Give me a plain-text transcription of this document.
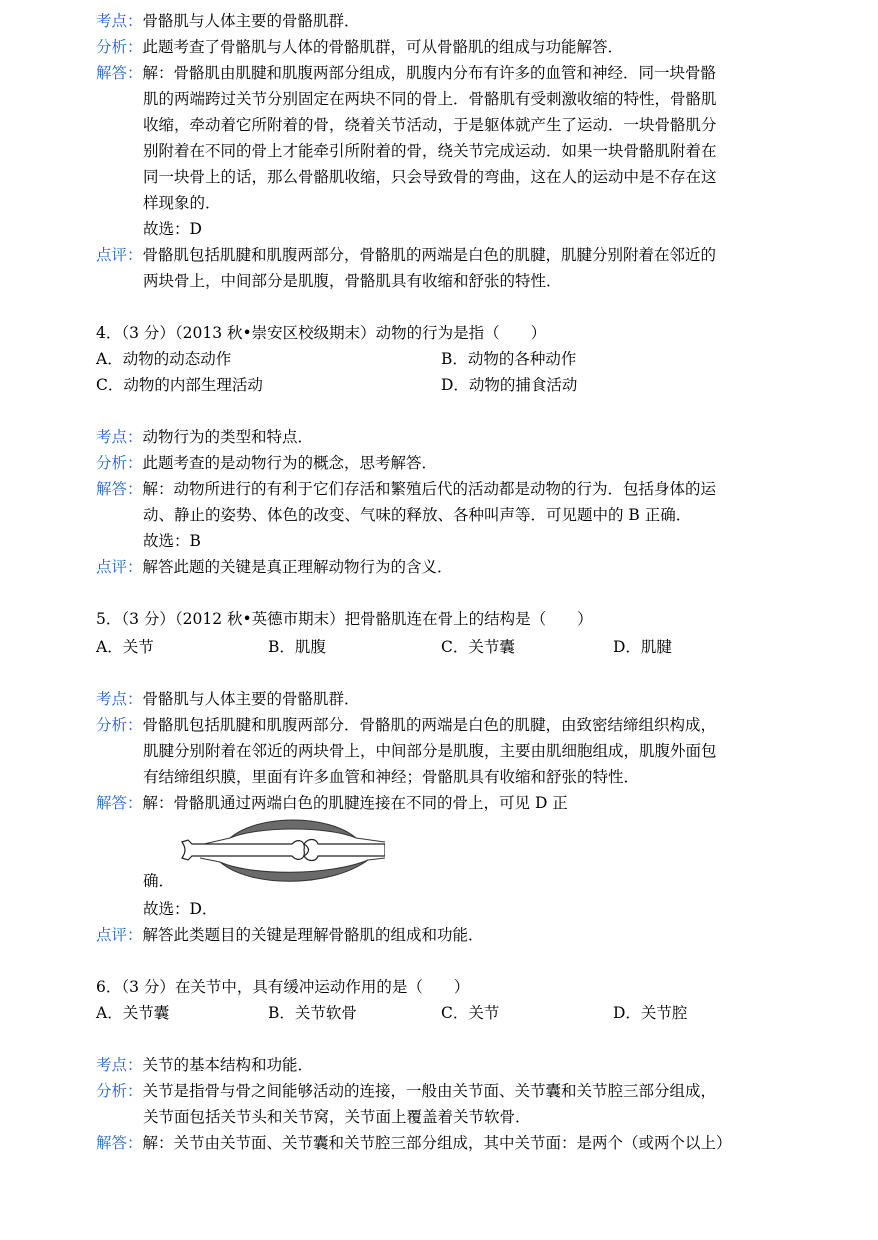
考点：骨骼肌与人体主要的骨骼肌群．
分析：此题考查了骨骼肌与人体的骨骼肌群，可从骨骼肌的组成与功能解答．
解答：解：骨骼肌由肌腱和肌腹两部分组成，肌腹内分布有许多的血管和神经．同一块骨骼
肌的两端跨过关节分别固定在两块不同的骨上．骨骼肌有受刺激收缩的特性，骨骼肌
收缩，牵动着它所附着的骨，绕着关节活动，于是躯体就产生了运动．一块骨骼肌分
别附着在不同的骨上才能牵引所附着的骨，绕关节完成运动．如果一块骨骼肌附着在
同一块骨上的话，那么骨骼肌收缩，只会导致骨的弯曲，这在人的运动中是不存在这
样现象的．
故选：D
点评：骨骼肌包括肌腱和肌腹两部分，骨骼肌的两端是白色的肌腱，肌腱分别附着在邻近的
两块骨上，中间部分是肌腹，骨骼肌具有收缩和舒张的特性．
4．（3 分）（2013 秋•崇安区校级期末）动物的行为是指（　　）
A．动物的动态动作	B．动物的各种动作
C．动物的内部生理活动	D．动物的捕食活动
考点：动物行为的类型和特点．
分析：此题考查的是动物行为的概念，思考解答．
解答：解：动物所进行的有利于它们存活和繁殖后代的活动都是动物的行为．包括身体的运
动、静止的姿势、体色的改变、气味的释放、各种叫声等．可见题中的 B 正确．
故选：B
点评：解答此题的关键是真正理解动物行为的含义．
5．（3 分）（2012 秋•英德市期末）把骨骼肌连在骨上的结构是（　　）
A．关节	B．肌腹	C．关节囊	D．肌腱
考点：骨骼肌与人体主要的骨骼肌群．
分析：骨骼肌包括肌腱和肌腹两部分．骨骼肌的两端是白色的肌腱，由致密结缔组织构成，
肌腱分别附着在邻近的两块骨上，中间部分是肌腹，主要由肌细胞组成，肌腹外面包
有结缔组织膜，里面有许多血管和神经；骨骼肌具有收缩和舒张的特性．
解答：解：骨骼肌通过两端白色的肌腱连接在不同的骨上，可见 D 正
确．
故选：D．
点评：解答此类题目的关键是理解骨骼肌的组成和功能．
6．（3 分）在关节中，具有缓冲运动作用的是（　　）
A．关节囊	B．关节软骨	C．关节	D．关节腔
考点：关节的基本结构和功能．
分析：关节是指骨与骨之间能够活动的连接，一般由关节面、关节囊和关节腔三部分组成，
关节面包括关节头和关节窝，关节面上覆盖着关节软骨．
解答：解：关节由关节面、关节囊和关节腔三部分组成，其中关节面：是两个（或两个以上）
